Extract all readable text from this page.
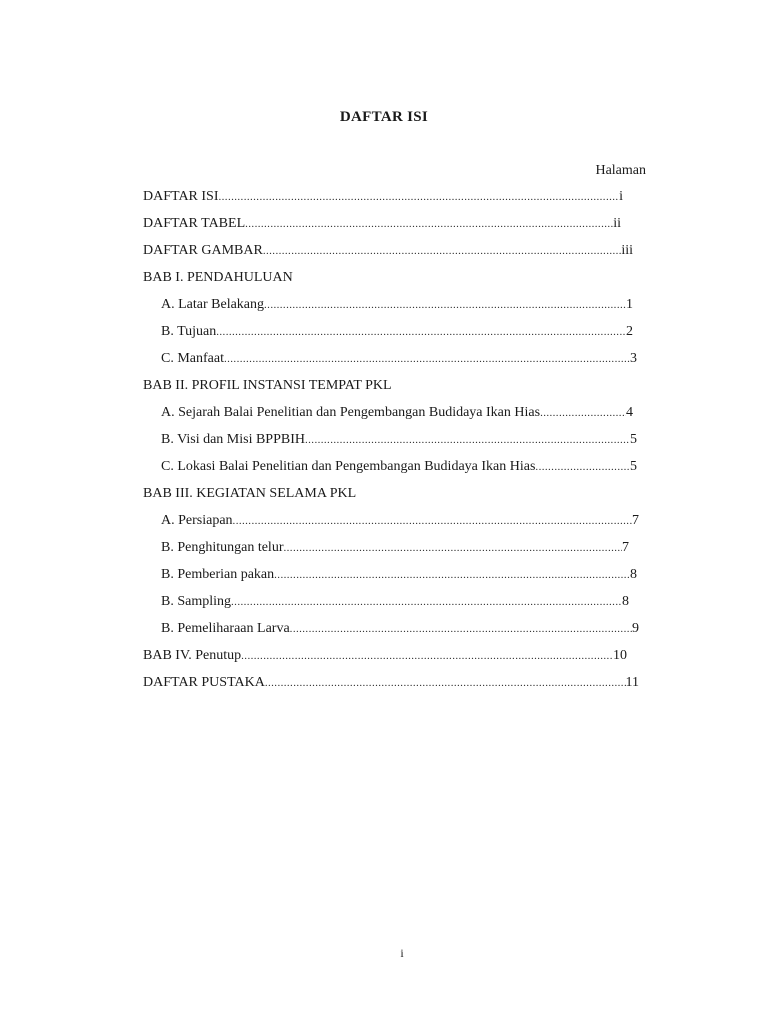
DAFTAR ISI
Halaman
DAFTAR ISI .....	i
DAFTAR TABEL .....	ii
DAFTAR GAMBAR .....	iii
BAB I. PENDAHULUAN
A. Latar Belakang .....	1
B. Tujuan .....	2
C. Manfaat .....	3
BAB II. PROFIL INSTANSI TEMPAT PKL
A. Sejarah Balai Penelitian dan Pengembangan Budidaya Ikan Hias .....	4
B. Visi dan Misi BPPBIH .....	5
C. Lokasi Balai Penelitian dan Pengembangan Budidaya Ikan Hias .....	5
BAB III. KEGIATAN SELAMA PKL
A. Persiapan .....	7
B. Penghitungan telur .....	7
B. Pemberian pakan .....	8
B. Sampling .....	8
B. Pemeliharaan Larva .....	9
BAB IV. Penutup .....	10
DAFTAR PUSTAKA .....	11
i
